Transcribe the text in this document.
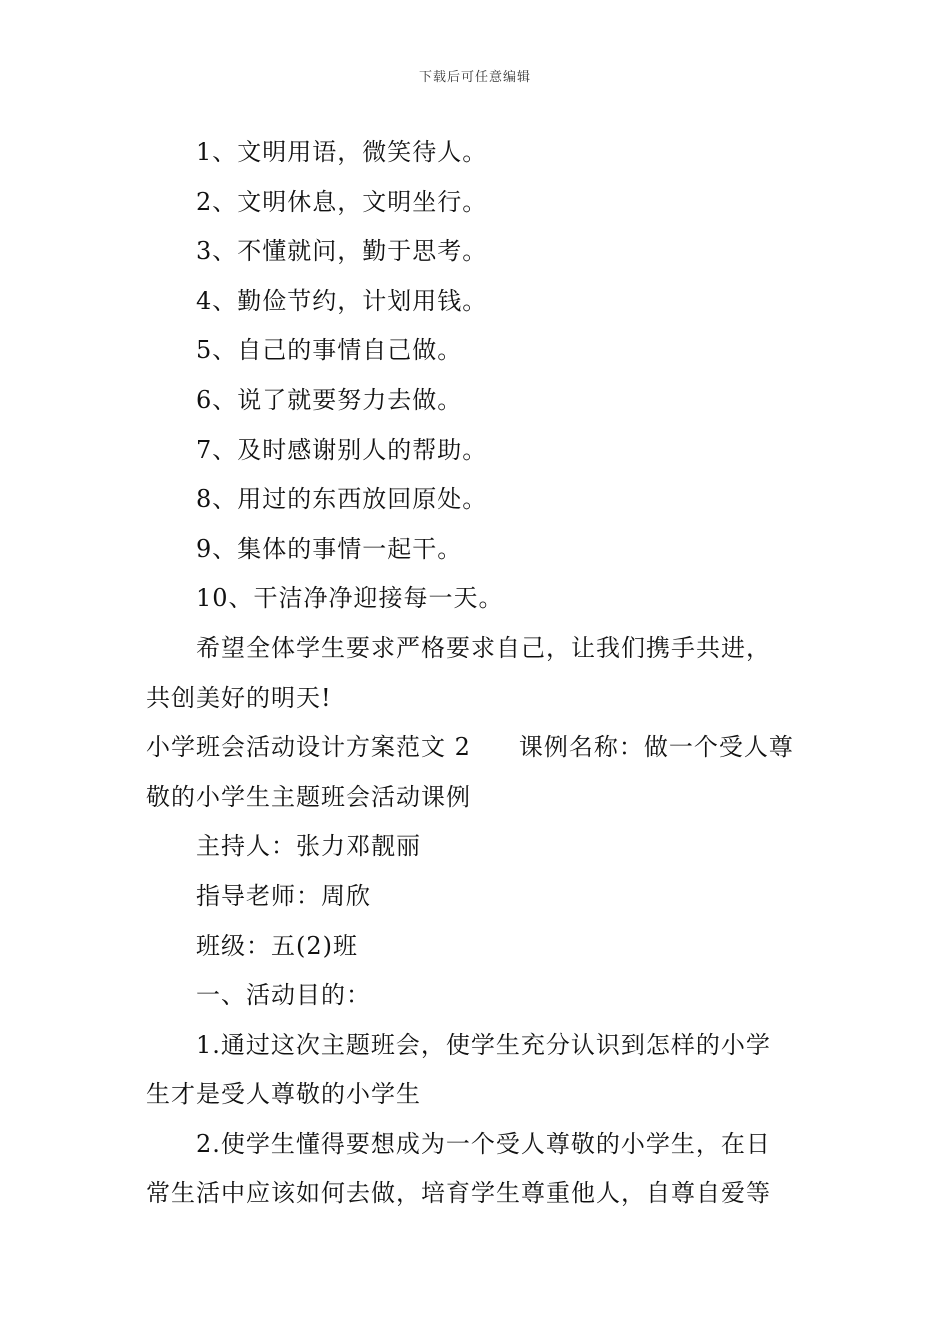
下载后可任意编辑
1、文明用语，微笑待人。
2、文明休息，文明坐行。
3、不懂就问，勤于思考。
4、勤俭节约，计划用钱。
5、自己的事情自己做。
6、说了就要努力去做。
7、及时感谢别人的帮助。
8、用过的东西放回原处。
9、集体的事情一起干。
10、干洁净净迎接每一天。
希望全体学生要求严格要求自己，让我们携手共进，
共创美好的明天!
小学班会活动设计方案范文 2 课例名称：做一个受人尊
敬的小学生主题班会活动课例
主持人：张力邓靓丽
指导老师：周欣
班级：五(2)班
一、活动目的：
1.通过这次主题班会，使学生充分认识到怎样的小学
生才是受人尊敬的小学生
2.使学生懂得要想成为一个受人尊敬的小学生，在日
常生活中应该如何去做，培育学生尊重他人，自尊自爱等
